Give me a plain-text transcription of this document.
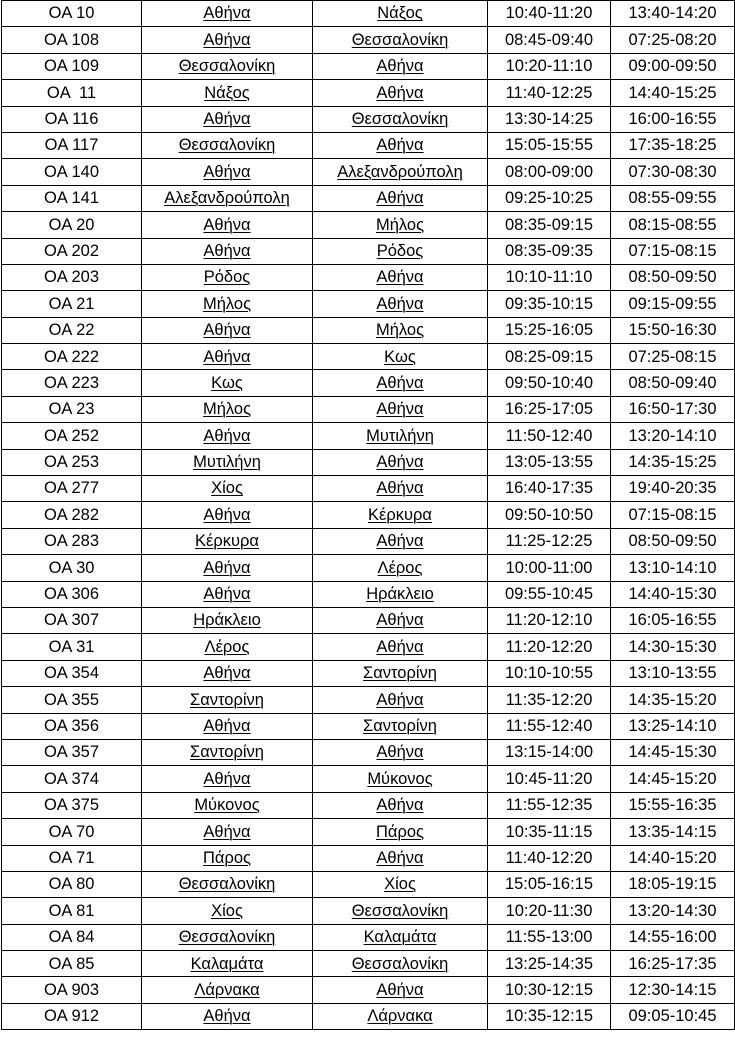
OA 10	Αθήνα	Νάξος	10:40-11:20	13:40-14:20
OA 108	Αθήνα	Θεσσαλονίκη	08:45-09:40	07:25-08:20
OA 109	Θεσσαλονίκη	Αθήνα	10:20-11:10	09:00-09:50
OA  11	Νάξος	Αθήνα	11:40-12:25	14:40-15:25
OA 116	Αθήνα	Θεσσαλονίκη	13:30-14:25	16:00-16:55
OA 117	Θεσσαλονίκη	Αθήνα	15:05-15:55	17:35-18:25
OA 140	Αθήνα	Αλεξανδρούπολη	08:00-09:00	07:30-08:30
OA 141	Αλεξανδρούπολη	Αθήνα	09:25-10:25	08:55-09:55
OA 20	Αθήνα	Μήλος	08:35-09:15	08:15-08:55
OA 202	Αθήνα	Ρόδος	08:35-09:35	07:15-08:15
OA 203	Ρόδος	Αθήνα	10:10-11:10	08:50-09:50
OA 21	Μήλος	Αθήνα	09:35-10:15	09:15-09:55
OA 22	Αθήνα	Μήλος	15:25-16:05	15:50-16:30
OA 222	Αθήνα	Κως	08:25-09:15	07:25-08:15
OA 223	Κως	Αθήνα	09:50-10:40	08:50-09:40
OA 23	Μήλος	Αθήνα	16:25-17:05	16:50-17:30
OA 252	Αθήνα	Μυτιλήνη	11:50-12:40	13:20-14:10
OA 253	Μυτιλήνη	Αθήνα	13:05-13:55	14:35-15:25
OA 277	Χίος	Αθήνα	16:40-17:35	19:40-20:35
OA 282	Αθήνα	Κέρκυρα	09:50-10:50	07:15-08:15
OA 283	Κέρκυρα	Αθήνα	11:25-12:25	08:50-09:50
OA 30	Αθήνα	Λέρος	10:00-11:00	13:10-14:10
OA 306	Αθήνα	Ηράκλειο	09:55-10:45	14:40-15:30
OA 307	Ηράκλειο	Αθήνα	11:20-12:10	16:05-16:55
OA 31	Λέρος	Αθήνα	11:20-12:20	14:30-15:30
OA 354	Αθήνα	Σαντορίνη	10:10-10:55	13:10-13:55
OA 355	Σαντορίνη	Αθήνα	11:35-12:20	14:35-15:20
OA 356	Αθήνα	Σαντορίνη	11:55-12:40	13:25-14:10
OA 357	Σαντορίνη	Αθήνα	13:15-14:00	14:45-15:30
OA 374	Αθήνα	Μύκονος	10:45-11:20	14:45-15:20
OA 375	Μύκονος	Αθήνα	11:55-12:35	15:55-16:35
OA 70	Αθήνα	Πάρος	10:35-11:15	13:35-14:15
OA 71	Πάρος	Αθήνα	11:40-12:20	14:40-15:20
OA 80	Θεσσαλονίκη	Χίος	15:05-16:15	18:05-19:15
OA 81	Χίος	Θεσσαλονίκη	10:20-11:30	13:20-14:30
OA 84	Θεσσαλονίκη	Καλαμάτα	11:55-13:00	14:55-16:00
OA 85	Καλαμάτα	Θεσσαλονίκη	13:25-14:35	16:25-17:35
OA 903	Λάρνακα	Αθήνα	10:30-12:15	12:30-14:15
OA 912	Αθήνα	Λάρνακα	10:35-12:15	09:05-10:45
